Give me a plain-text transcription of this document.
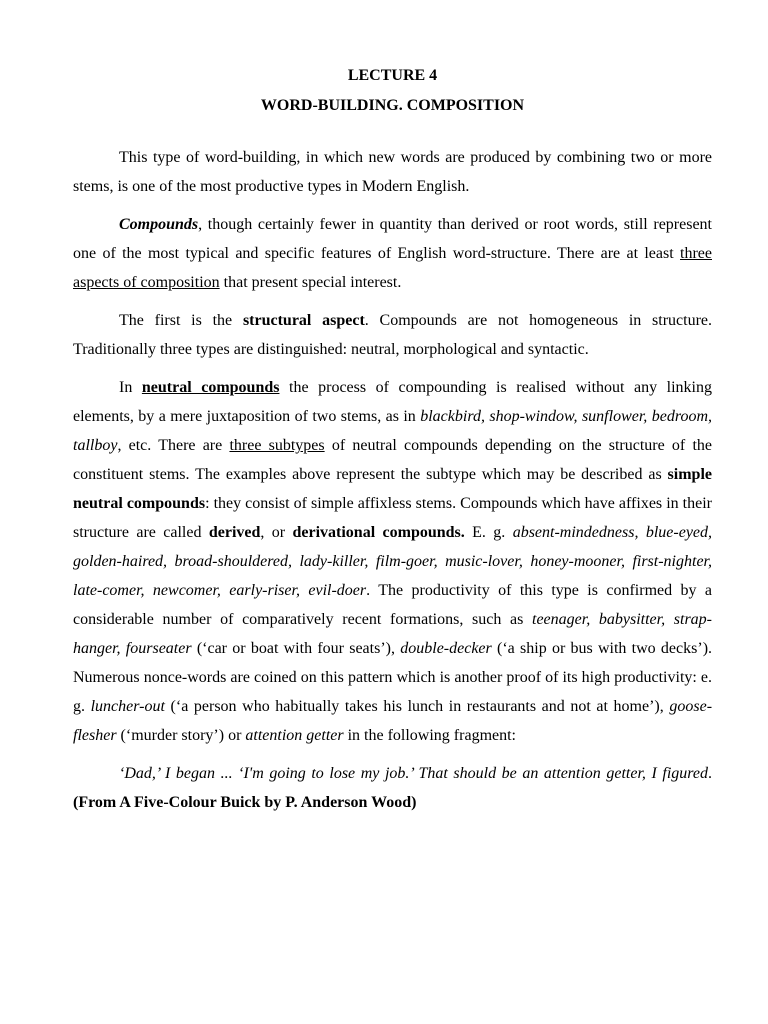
LECTURE 4
WORD-BUILDING. COMPOSITION

This type of word-building, in which new words are produced by combining two or more stems, is one of the most productive types in Modern English.

Compounds, though certainly fewer in quantity than derived or root words, still represent one of the most typical and specific features of English word-structure. There are at least three aspects of composition that present special interest.

The first is the structural aspect. Compounds are not homogeneous in structure. Traditionally three types are distinguished: neutral, morphological and syntactic.

In neutral compounds the process of compounding is realised without any linking elements, by a mere juxtaposition of two stems, as in blackbird, shop-window, sunflower, bedroom, tallboy, etc. There are three subtypes of neutral compounds depending on the structure of the constituent stems. The examples above represent the subtype which may be described as simple neutral compounds: they consist of simple affixless stems. Compounds which have affixes in their structure are called derived, or derivational compounds. E. g. absent-mindedness, blue-eyed, golden-haired, broad-shouldered, lady-killer, film-goer, music-lover, honey-mooner, first-nighter, late-comer, newcomer, early-riser, evil-doer. The productivity of this type is confirmed by a considerable number of comparatively recent formations, such as teenager, babysitter, strap-hanger, fourseater (‘car or boat with four seats’), double-decker (‘a ship or bus with two decks’). Numerous nonce-words are coined on this pattern which is another proof of its high productivity: e. g. luncher-out (‘a person who habitually takes his lunch in restaurants and not at home’), goose-flesher (‘murder story’) or attention getter in the following fragment:

‘Dad,’ I began ... ‘I'm going to lose my job.’ That should be an attention getter, I figured. (From A Five-Colour Buick by P. Anderson Wood)
